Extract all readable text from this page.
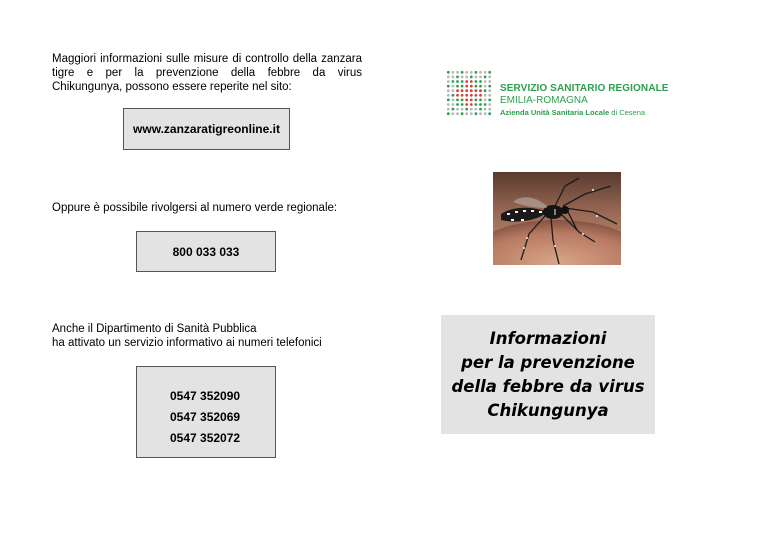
Maggiori informazioni sulle misure di controllo della zanzara tigre e per la prevenzione della febbre da virus Chikungunya, possono essere reperite nel sito:
www.zanzaratigreonline.it
Oppure è possibile rivolgersi al numero verde regionale:
800 033 033
Anche il Dipartimento di Sanità Pubblica
ha attivato un servizio informativo ai numeri telefonici
0547 352090
0547 352069
0547 352072
SERVIZIO SANITARIO REGIONALE
EMILIA-ROMAGNA
Azienda Unità Sanitaria Locale di Cesena
Informazioni
per la prevenzione
della febbre da virus
Chikungunya
